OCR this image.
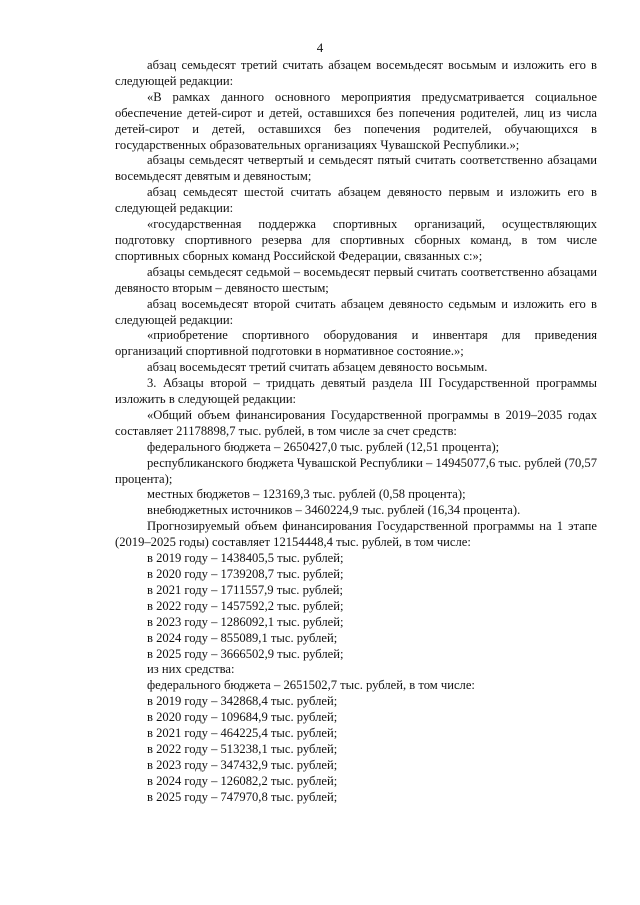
4

абзац семьдесят третий считать абзацем восемьдесят восьмым и изложить его в следующей редакции:

«В рамках данного основного мероприятия предусматривается социальное обеспечение детей-сирот и детей, оставшихся без попечения родителей, лиц из числа детей-сирот и детей, оставшихся без попечения родителей, обучающихся в государственных образовательных организациях Чувашской Республики.»;

абзацы семьдесят четвертый и семьдесят пятый считать соответственно абзацами восемьдесят девятым и девяностым;

абзац семьдесят шестой считать абзацем девяносто первым и изложить его в следующей редакции:

«государственная поддержка спортивных организаций, осуществляющих подготовку спортивного резерва для спортивных сборных команд, в том числе спортивных сборных команд Российской Федерации, связанных с:»;

абзацы семьдесят седьмой – восемьдесят первый считать соответственно абзацами девяносто вторым – девяносто шестым;

абзац восемьдесят второй считать абзацем девяносто седьмым и изложить его в следующей редакции:

«приобретение спортивного оборудования и инвентаря для приведения организаций спортивной подготовки в нормативное состояние.»;

абзац восемьдесят третий считать абзацем девяносто восьмым.

3. Абзацы второй – тридцать девятый раздела III Государственной программы изложить в следующей редакции:

«Общий объем финансирования Государственной программы в 2019–2035 годах составляет 21178898,7 тыс. рублей, в том числе за счет средств:

федерального бюджета – 2650427,0 тыс. рублей (12,51 процента);

республиканского бюджета Чувашской Республики – 14945077,6 тыс. рублей (70,57 процента);

местных бюджетов – 123169,3 тыс. рублей (0,58 процента);

внебюджетных источников – 3460224,9 тыс. рублей (16,34 процента).

Прогнозируемый объем финансирования Государственной программы на 1 этапе (2019–2025 годы) составляет 12154448,4 тыс. рублей, в том числе:

в 2019 году – 1438405,5 тыс. рублей;

в 2020 году – 1739208,7 тыс. рублей;

в 2021 году – 1711557,9 тыс. рублей;

в 2022 году – 1457592,2 тыс. рублей;

в 2023 году – 1286092,1 тыс. рублей;

в 2024 году – 855089,1 тыс. рублей;

в 2025 году – 3666502,9 тыс. рублей;

из них средства:

федерального бюджета – 2651502,7 тыс. рублей, в том числе:

в 2019 году – 342868,4 тыс. рублей;

в 2020 году – 109684,9 тыс. рублей;

в 2021 году – 464225,4 тыс. рублей;

в 2022 году – 513238,1 тыс. рублей;

в 2023 году – 347432,9 тыс. рублей;

в 2024 году – 126082,2 тыс. рублей;

в 2025 году – 747970,8 тыс. рублей;
